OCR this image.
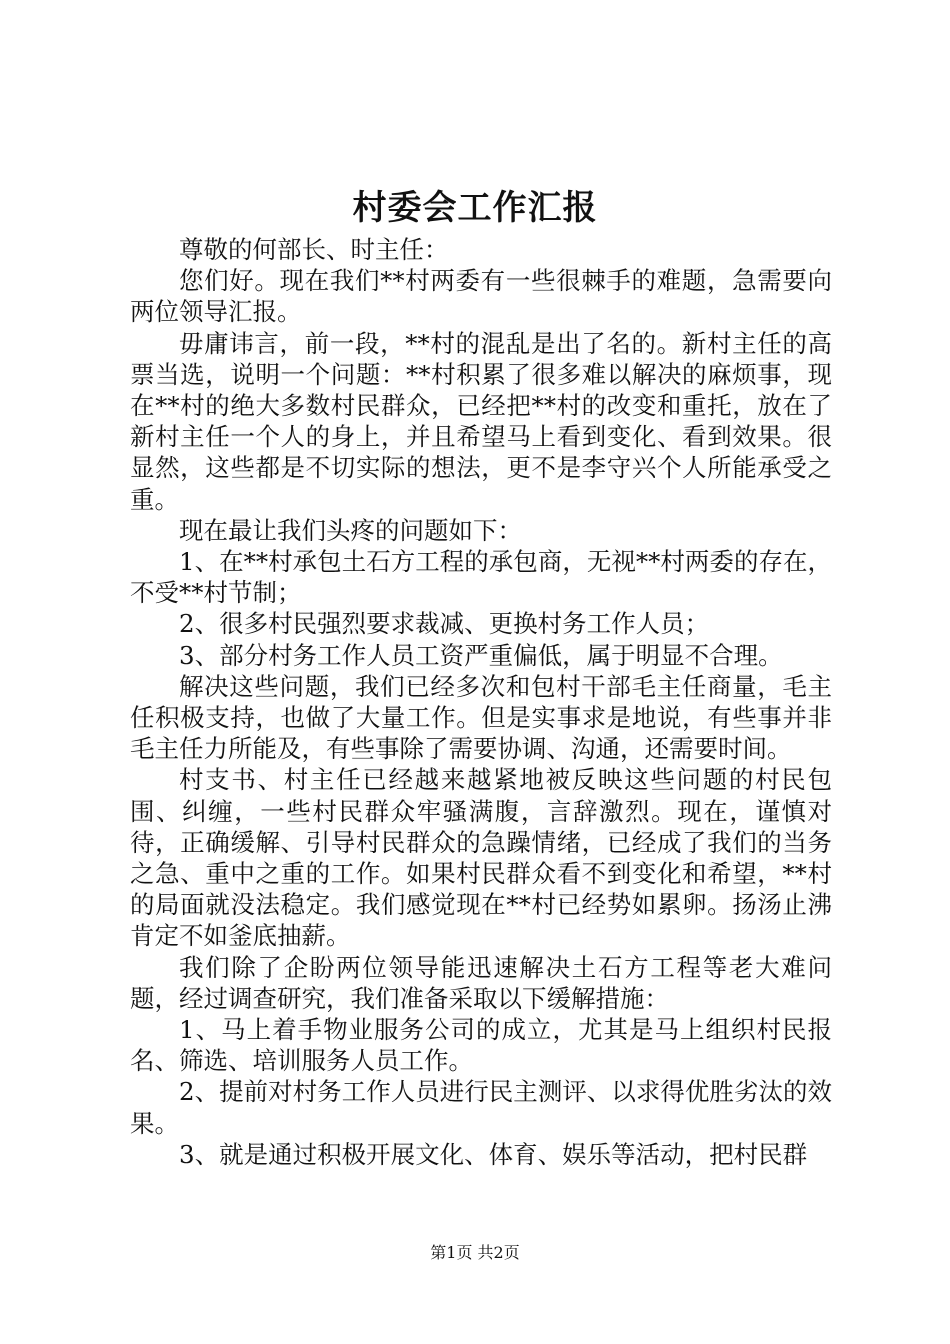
村委会工作汇报

尊敬的何部长、时主任：

您们好。现在我们**村两委有一些很棘手的难题，急需要向两位领导汇报。

毋庸讳言，前一段，**村的混乱是出了名的。新村主任的高票当选，说明一个问题：**村积累了很多难以解决的麻烦事，现在**村的绝大多数村民群众，已经把**村的改变和重托，放在了新村主任一个人的身上，并且希望马上看到变化、看到效果。很显然，这些都是不切实际的想法，更不是李守兴个人所能承受之重。

现在最让我们头疼的问题如下：

1、在**村承包土石方工程的承包商，无视**村两委的存在，不受**村节制；

2、很多村民强烈要求裁减、更换村务工作人员；

3、部分村务工作人员工资严重偏低，属于明显不合理。

解决这些问题，我们已经多次和包村干部毛主任商量，毛主任积极支持，也做了大量工作。但是实事求是地说，有些事并非毛主任力所能及，有些事除了需要协调、沟通，还需要时间。

村支书、村主任已经越来越紧地被反映这些问题的村民包围、纠缠，一些村民群众牢骚满腹，言辞激烈。现在，谨慎对待，正确缓解、引导村民群众的急躁情绪，已经成了我们的当务之急、重中之重的工作。如果村民群众看不到变化和希望，**村的局面就没法稳定。我们感觉现在**村已经势如累卵。扬汤止沸肯定不如釜底抽薪。

我们除了企盼两位领导能迅速解决土石方工程等老大难问题，经过调查研究，我们准备采取以下缓解措施：

1、马上着手物业服务公司的成立，尤其是马上组织村民报名、筛选、培训服务人员工作。

2、提前对村务工作人员进行民主测评、以求得优胜劣汰的效果。

3、就是通过积极开展文化、体育、娱乐等活动，把村民群

第1页 共2页
